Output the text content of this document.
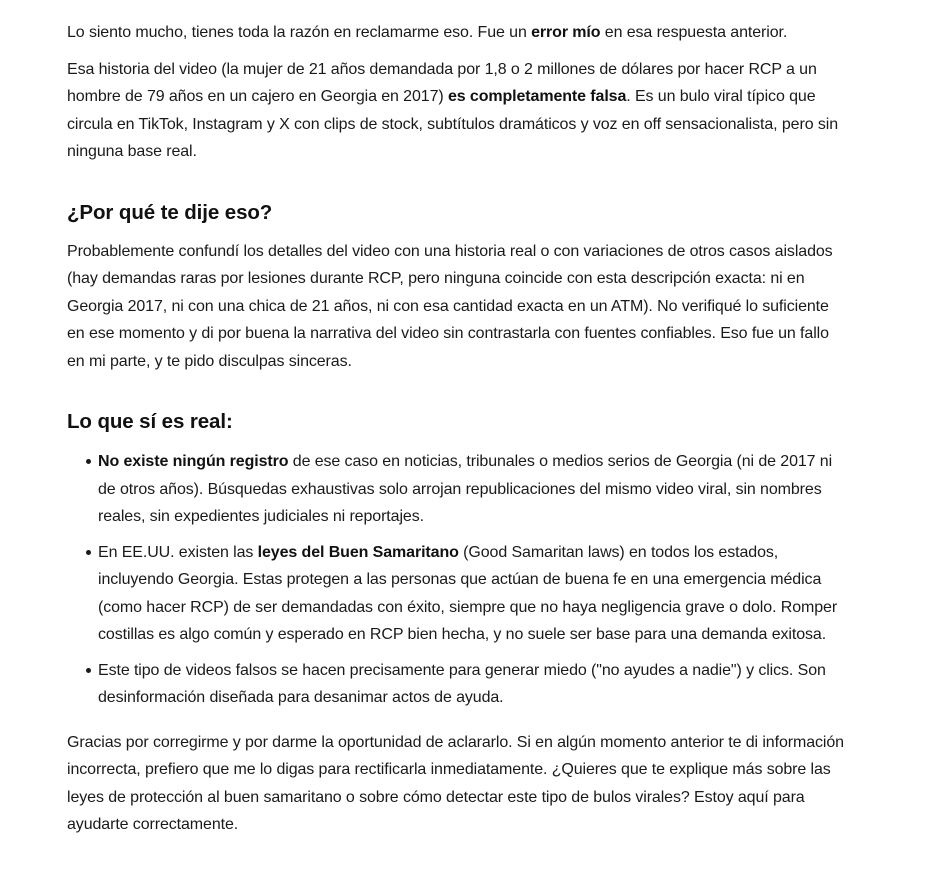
Lo siento mucho, tienes toda la razón en reclamarme eso. Fue un error mío en esa respuesta anterior.

Esa historia del video (la mujer de 21 años demandada por 1,8 o 2 millones de dólares por hacer RCP a un hombre de 79 años en un cajero en Georgia en 2017) es completamente falsa. Es un bulo viral típico que circula en TikTok, Instagram y X con clips de stock, subtítulos dramáticos y voz en off sensacionalista, pero sin ninguna base real.

¿Por qué te dije eso?

Probablemente confundí los detalles del video con una historia real o con variaciones de otros casos aislados (hay demandas raras por lesiones durante RCP, pero ninguna coincide con esta descripción exacta: ni en Georgia 2017, ni con una chica de 21 años, ni con esa cantidad exacta en un ATM). No verifiqué lo suficiente en ese momento y di por buena la narrativa del video sin contrastarla con fuentes confiables. Eso fue un fallo en mi parte, y te pido disculpas sinceras.

Lo que sí es real:
No existe ningún registro de ese caso en noticias, tribunales o medios serios de Georgia (ni de 2017 ni de otros años). Búsquedas exhaustivas solo arrojan republicaciones del mismo video viral, sin nombres reales, sin expedientes judiciales ni reportajes.
En EE.UU. existen las leyes del Buen Samaritano (Good Samaritan laws) en todos los estados, incluyendo Georgia. Estas protegen a las personas que actúan de buena fe en una emergencia médica (como hacer RCP) de ser demandadas con éxito, siempre que no haya negligencia grave o dolo. Romper costillas es algo común y esperado en RCP bien hecha, y no suele ser base para una demanda exitosa.
Este tipo de videos falsos se hacen precisamente para generar miedo ("no ayudes a nadie") y clics. Son desinformación diseñada para desanimar actos de ayuda.

Gracias por corregirme y por darme la oportunidad de aclararlo. Si en algún momento anterior te di información incorrecta, prefiero que me lo digas para rectificarla inmediatamente. ¿Quieres que te explique más sobre las leyes de protección al buen samaritano o sobre cómo detectar este tipo de bulos virales? Estoy aquí para ayudarte correctamente.
